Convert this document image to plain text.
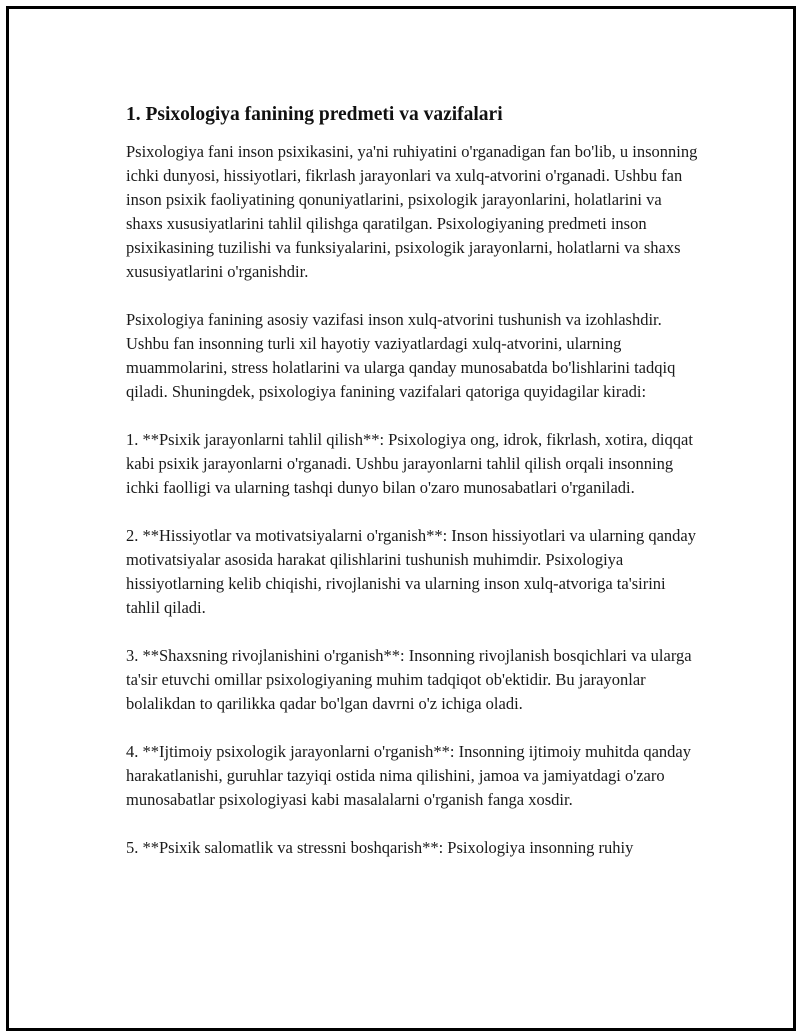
1. Psixologiya fanining predmeti va vazifalari

Psixologiya fani inson psixikasini, ya'ni ruhiyatini o'rganadigan fan bo'lib, u insonning ichki dunyosi, hissiyotlari, fikrlash jarayonlari va xulq-atvorini o'rganadi. Ushbu fan inson psixik faoliyatining qonuniyatlarini, psixologik jarayonlarini, holatlarini va shaxs xususiyatlarini tahlil qilishga qaratilgan. Psixologiyaning predmeti inson psixikasining tuzilishi va funksiyalarini, psixologik jarayonlarni, holatlarni va shaxs xususiyatlarini o'rganishdir.

Psixologiya fanining asosiy vazifasi inson xulq-atvorini tushunish va izohlashdir. Ushbu fan insonning turli xil hayotiy vaziyatlardagi xulq-atvorini, ularning muammolarini, stress holatlarini va ularga qanday munosabatda bo'lishlarini tadqiq qiladi. Shuningdek, psixologiya fanining vazifalari qatoriga quyidagilar kiradi:

1. **Psixik jarayonlarni tahlil qilish**: Psixologiya ong, idrok, fikrlash, xotira, diqqat kabi psixik jarayonlarni o'rganadi. Ushbu jarayonlarni tahlil qilish orqali insonning ichki faolligi va ularning tashqi dunyo bilan o'zaro munosabatlari o'rganiladi.

2. **Hissiyotlar va motivatsiyalarni o'rganish**: Inson hissiyotlari va ularning qanday motivatsiyalar asosida harakat qilishlarini tushunish muhimdir. Psixologiya hissiyotlarning kelib chiqishi, rivojlanishi va ularning inson xulq-atvoriga ta'sirini tahlil qiladi.

3. **Shaxsning rivojlanishini o'rganish**: Insonning rivojlanish bosqichlari va ularga ta'sir etuvchi omillar psixologiyaning muhim tadqiqot ob'ektidir. Bu jarayonlar bolalikdan to qarilikka qadar bo'lgan davrni o'z ichiga oladi.

4. **Ijtimoiy psixologik jarayonlarni o'rganish**: Insonning ijtimoiy muhitda qanday harakatlanishi, guruhlar tazyiqi ostida nima qilishini, jamoa va jamiyatdagi o'zaro munosabatlar psixologiyasi kabi masalalarni o'rganish fanga xosdir.

5. **Psixik salomatlik va stressni boshqarish**: Psixologiya insonning ruhiy
